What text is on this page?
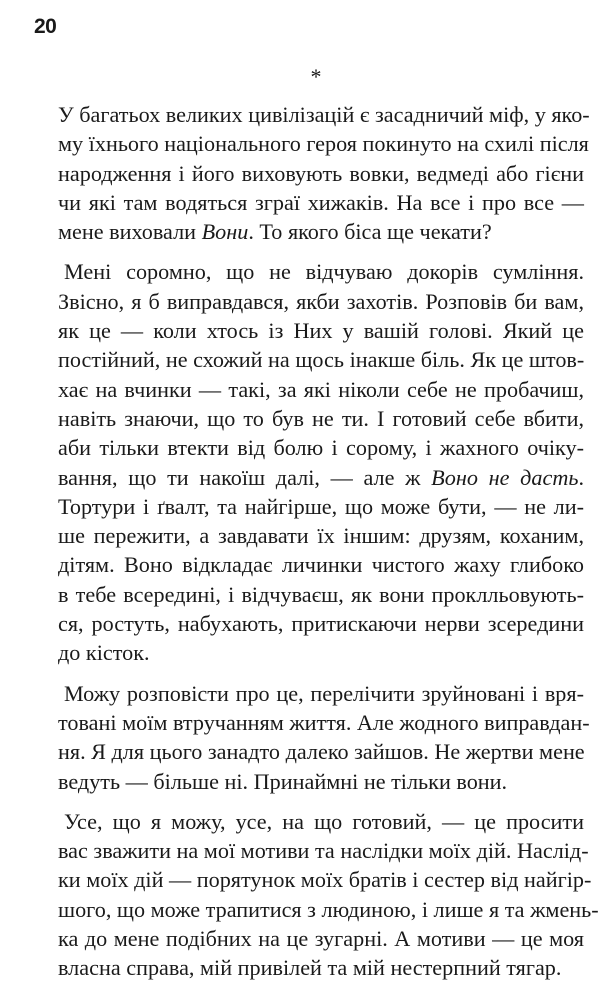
20
*
У багатьох великих цивілізацій є засадничий міф, у яко-
му їхнього національного героя покинуто на схилі після
народження і його виховують вовки, ведмеді або гієни
чи які там водяться зграї хижаків. На все і про все —
мене виховали Вони. То якого біса ще чекати?
Мені соромно, що не відчуваю докорів сумління.
Звісно, я б виправдався, якби захотів. Розповів би вам,
як це — коли хтось із Них у вашій голові. Який це
постійний, не схожий на щось інакше біль. Як це штов-
хає на вчинки — такі, за які ніколи себе не пробачиш,
навіть знаючи, що то був не ти. І готовий себе вбити,
аби тільки втекти від болю і сорому, і жахного очіку-
вання, що ти накоїш далі, — але ж Воно не дасть.
Тортури і ґвалт, та найгірше, що може бути, — не ли-
ше пережити, а завдавати їх іншим: друзям, коханим,
дітям. Воно відкладає личинки чистого жаху глибоко
в тебе всередині, і відчуваєш, як вони проклльовують-
ся, ростуть, набухають, притискаючи нерви зсередини
до кісток.
Можу розповісти про це, перелічити зруйновані і вря-
товані моїм втручанням життя. Але жодного виправдан-
ня. Я для цього занадто далеко зайшов. Не жертви мене
ведуть — більше ні. Принаймні не тільки вони.
Усе, що я можу, усе, на що готовий, — це просити
вас зважити на мої мотиви та наслідки моїх дій. Наслід-
ки моїх дій — порятунок моїх братів і сестер від найгір-
шого, що може трапитися з людиною, і лише я та жмень-
ка до мене подібних на це зугарні. А мотиви — це моя
власна справа, мій привілей та мій нестерпний тягар.
